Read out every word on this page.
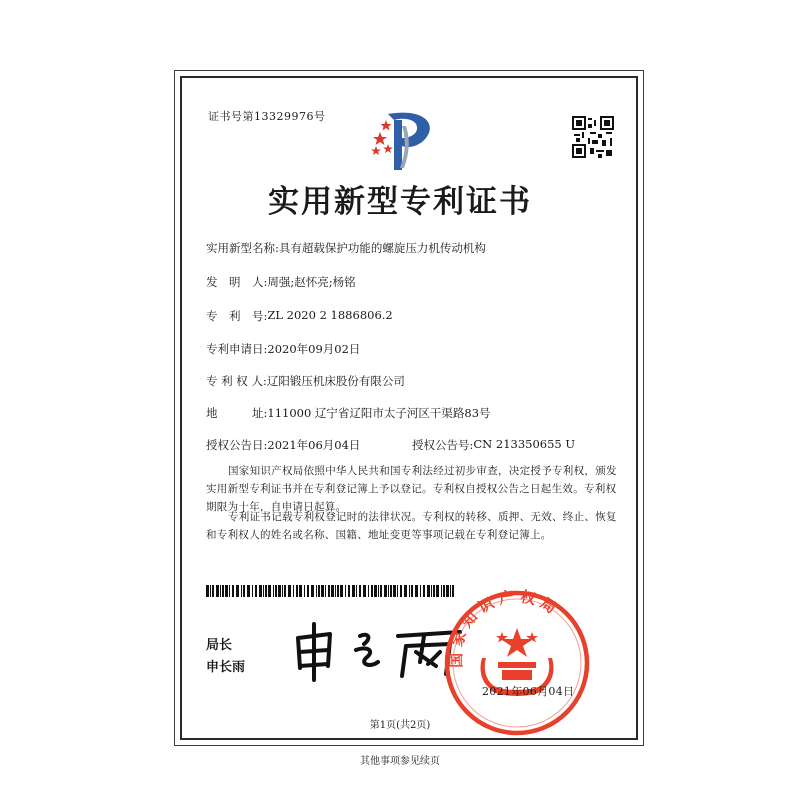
证书号第13329976号
实用新型专利证书
实用新型名称: 具有超载保护功能的螺旋压力机传动机构
发　明　人: 周强;赵怀亮;杨铭
专　利　号: ZL 2020 2 1886806.2
专利申请日: 2020年09月02日
专 利 权 人: 辽阳锻压机床股份有限公司
地　　　址: 111000 辽宁省辽阳市太子河区干渠路83号
授权公告日: 2021年06月04日	授权公告号: CN 213350655 U
国家知识产权局依照中华人民共和国专利法经过初步审查，决定授予专利权，颁发实用新型专利证书并在专利登记簿上予以登记。专利权自授权公告之日起生效。专利权期限为十年，自申请日起算。
专利证书记载专利权登记时的法律状况。专利权的转移、质押、无效、终止、恢复和专利权人的姓名或名称、国籍、地址变更等事项记载在专利登记簿上。
局长
申长雨	国家知识产权局
2021年06月04日
第1页(共2页)
其他事项参见续页
